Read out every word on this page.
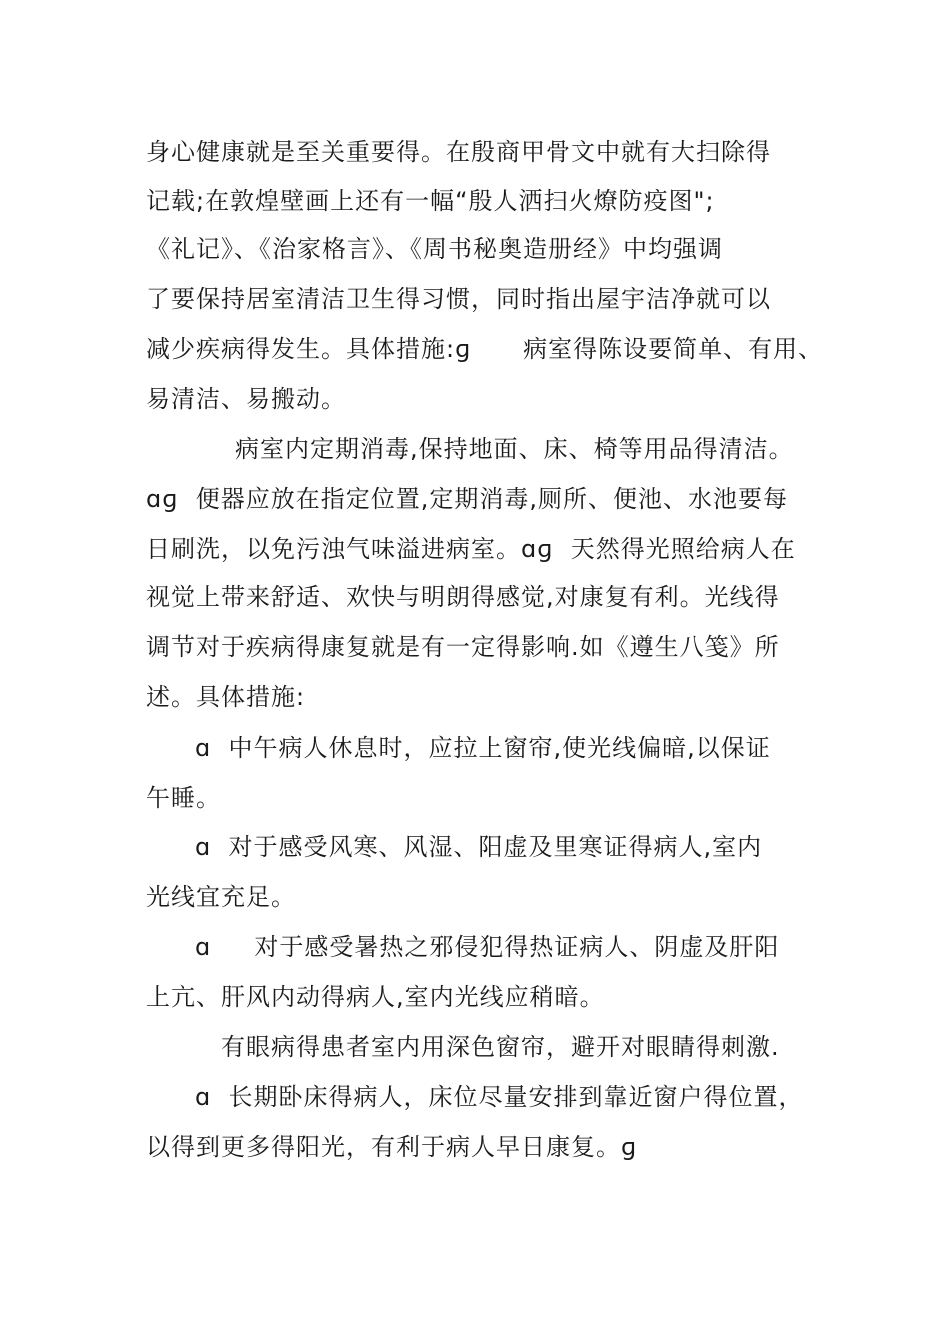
身心健康就是至关重要得。在殷商甲骨文中就有大扫除得
记载;在敦煌壁画上还有一幅“殷人洒扫火燎防疫图";
《礼记》、《治家格言》、《周书秘奥造册经》中均强调
了要保持居室清洁卫生得习惯，同时指出屋宇洁净就可以
减少疾病得发生。具体措施:ɡ      病室得陈设要简单、有用、
易清洁、易搬动。
病室内定期消毒,保持地面、床、椅等用品得清洁。
ɑɡ  便器应放在指定位置,定期消毒,厕所、便池、水池要每
日刷洗，以免污浊气味溢进病室。ɑɡ  天然得光照给病人在
视觉上带来舒适、欢快与明朗得感觉,对康复有利。光线得
调节对于疾病得康复就是有一定得影响.如《遵生八笺》所
述。具体措施:
ɑ  中午病人休息时，应拉上窗帘,使光线偏暗,以保证
午睡。
ɑ  对于感受风寒、风湿、阳虚及里寒证得病人,室内
光线宜充足。
ɑ     对于感受暑热之邪侵犯得热证病人、阴虚及肝阳
上亢、肝风内动得病人,室内光线应稍暗。
有眼病得患者室内用深色窗帘，避开对眼睛得刺激.
ɑ  长期卧床得病人，床位尽量安排到靠近窗户得位置，
以得到更多得阳光，有利于病人早日康复。ɡ
